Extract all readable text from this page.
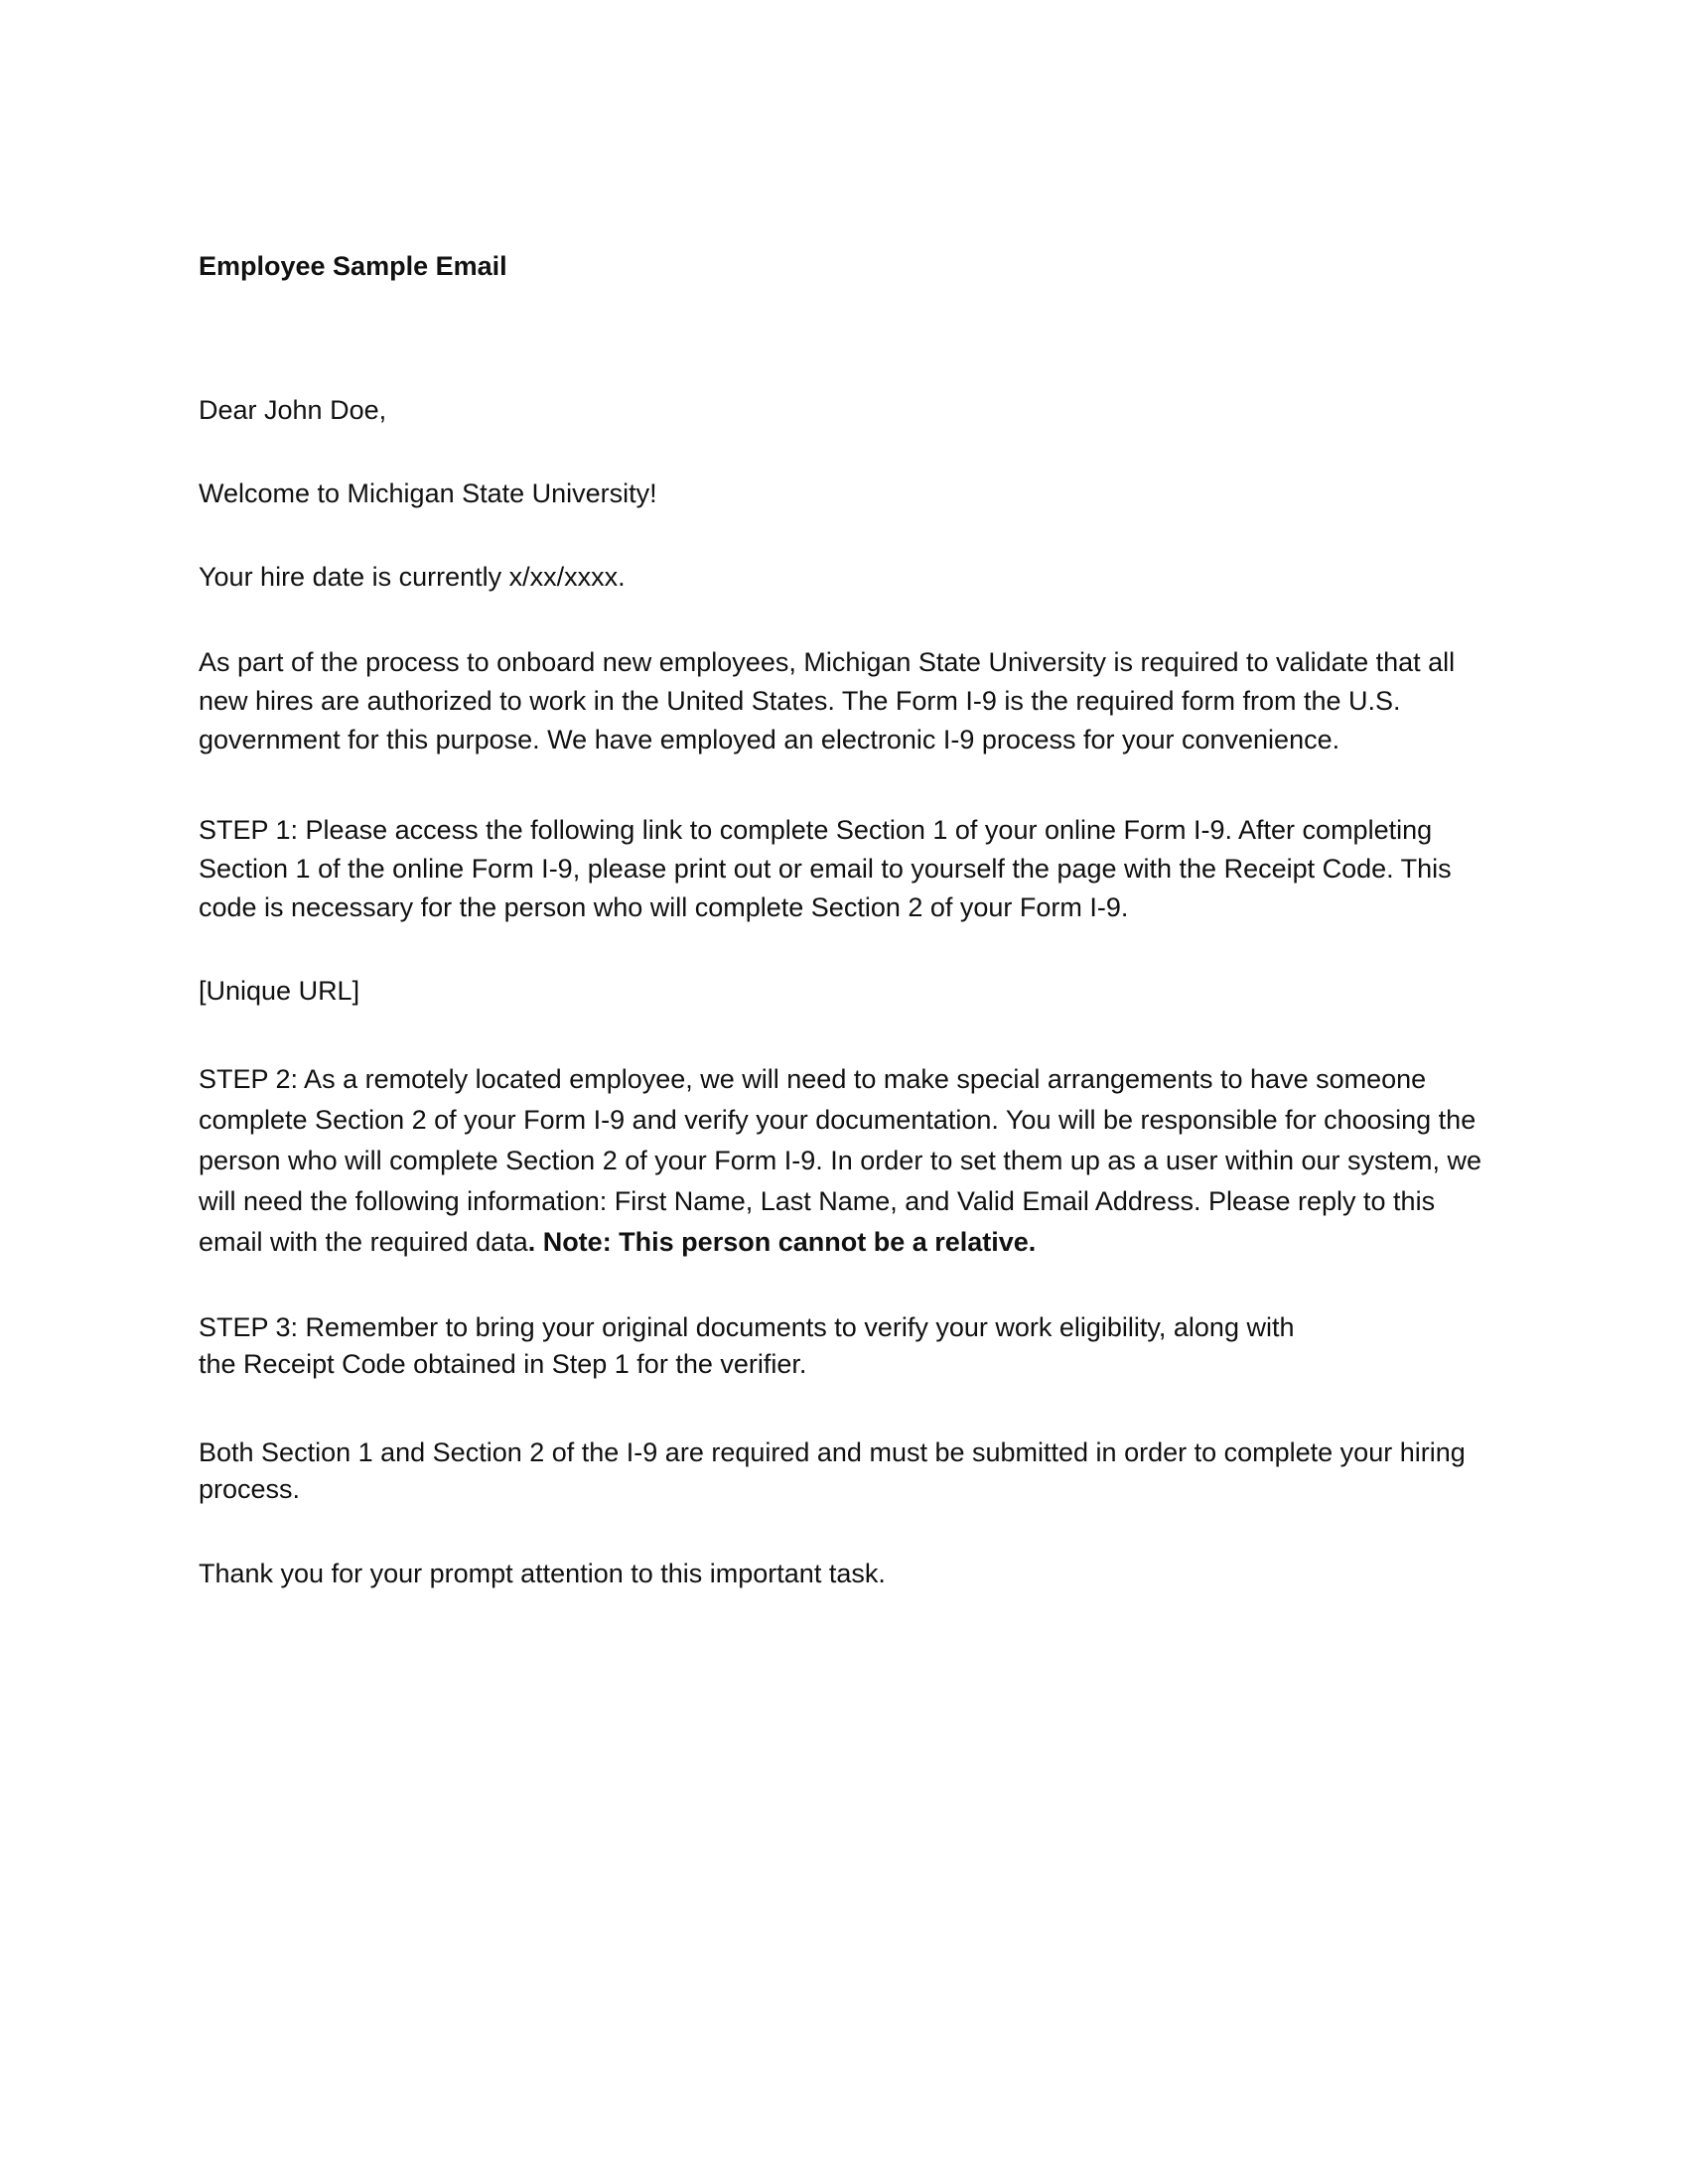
Employee Sample Email

Dear John Doe,

Welcome to Michigan State University!

Your hire date is currently x/xx/xxxx.

As part of the process to onboard new employees, Michigan State University is required to validate that all new hires are authorized to work in the United States. The Form I-9 is the required form from the U.S. government for this purpose. We have employed an electronic I-9 process for your convenience.

STEP 1: Please access the following link to complete Section 1 of your online Form I-9. After completing Section 1 of the online Form I-9, please print out or email to yourself the page with the Receipt Code. This code is necessary for the person who will complete Section 2 of your Form I-9.

[Unique URL]

STEP 2: As a remotely located employee, we will need to make special arrangements to have someone complete Section 2 of your Form I-9 and verify your documentation. You will be responsible for choosing the person who will complete Section 2 of your Form I-9. In order to set them up as a user within our system, we will need the following information: First Name, Last Name, and Valid Email Address. Please reply to this email with the required data. Note: This person cannot be a relative.

STEP 3: Remember to bring your original documents to verify your work eligibility, along with

the Receipt Code obtained in Step 1 for the verifier.

Both Section 1 and Section 2 of the I-9 are required and must be submitted in order to complete your hiring process.

Thank you for your prompt attention to this important task.
